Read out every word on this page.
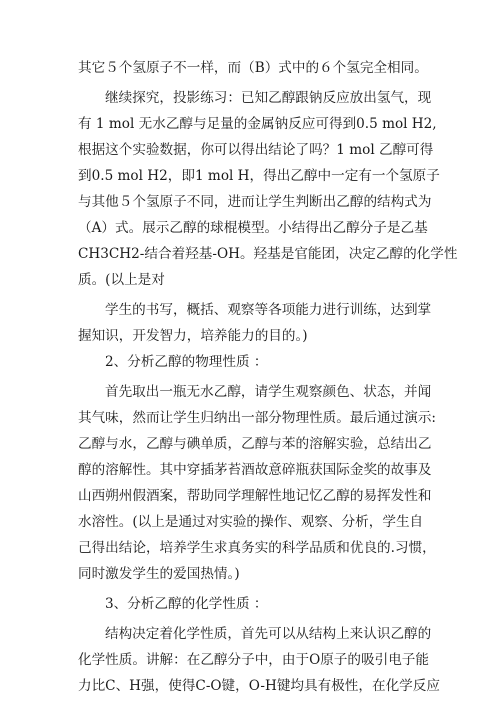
其它５个氢原子不一样，而（B）式中的６个氢完全相同。
继续探究，投影练习：已知乙醇跟钠反应放出氢气，现
有 1 mol 无水乙醇与足量的金属钠反应可得到0.5 mol H2,
根据这个实验数据，你可以得出结论了吗？1 mol 乙醇可得
到0.5 mol H2，即1 mol H，得出乙醇中一定有一个氢原子
与其他５个氢原子不同，进而让学生判断出乙醇的结构式为
（A）式。展示乙醇的球棍模型。小结得出乙醇分子是乙基
CH3CH2-结合着羟基-OH。羟基是官能团，决定乙醇的化学性
质。(以上是对
学生的书写，概括、观察等各项能力进行训练，达到掌
握知识，开发智力，培养能力的目的。)
2、分析乙醇的物理性质 ：
首先取出一瓶无水乙醇，请学生观察颜色、状态，并闻
其气味，然而让学生归纳出一部分物理性质。最后通过演示:
乙醇与水，乙醇与碘单质，乙醇与苯的溶解实验，总结出乙
醇的溶解性。其中穿插茅苔酒故意碎瓶获国际金奖的故事及
山西朔州假酒案，帮助同学理解性地记忆乙醇的易挥发性和
水溶性。(以上是通过对实验的操作、观察、分析，学生自
己得出结论，培养学生求真务实的科学品质和优良的.习惯，
同时激发学生的爱国热情。)
3、分析乙醇的化学性质 ：
结构决定着化学性质，首先可以从结构上来认识乙醇的
化学性质。讲解：在乙醇分子中，由于O原子的吸引电子能
力比C、H强，使得C-O键，O-H键均具有极性，在化学反应
